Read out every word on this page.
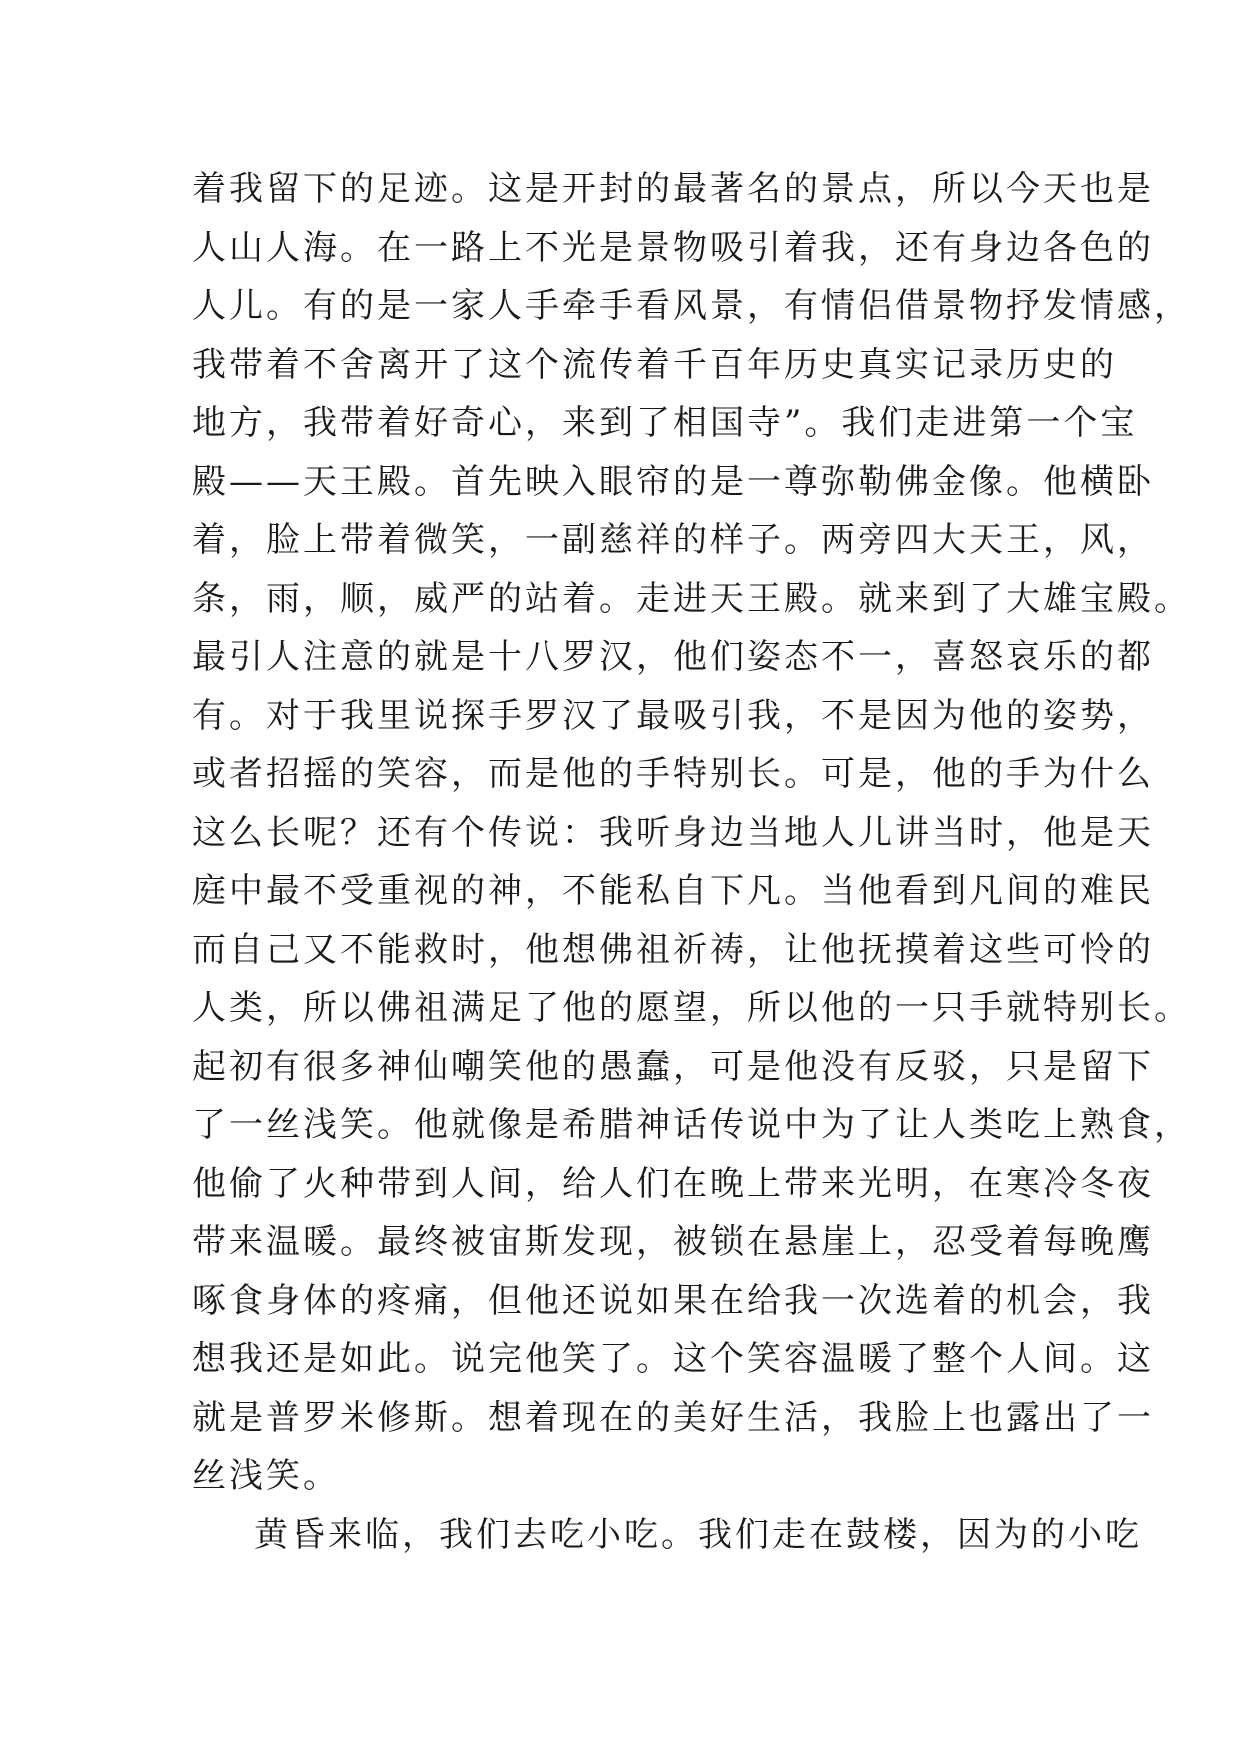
着我留下的足迹。这是开封的最著名的景点，所以今天也是
人山人海。在一路上不光是景物吸引着我，还有身边各色的
人儿。有的是一家人手牵手看风景，有情侣借景物抒发情感，
我带着不舍离开了这个流传着千百年历史真实记录历史的
地方，我带着好奇心，来到了相国寺”。我们走进第一个宝
殿——天王殿。首先映入眼帘的是一尊弥勒佛金像。他横卧
着，脸上带着微笑，一副慈祥的样子。两旁四大天王，风，
条，雨，顺，威严的站着。走进天王殿。就来到了大雄宝殿。
最引人注意的就是十八罗汉，他们姿态不一，喜怒哀乐的都
有。对于我里说探手罗汉了最吸引我，不是因为他的姿势，
或者招摇的笑容，而是他的手特别长。可是，他的手为什么
这么长呢？还有个传说：我听身边当地人儿讲当时，他是天
庭中最不受重视的神，不能私自下凡。当他看到凡间的难民
而自己又不能救时，他想佛祖祈祷，让他抚摸着这些可怜的
人类，所以佛祖满足了他的愿望，所以他的一只手就特别长。
起初有很多神仙嘲笑他的愚蠢，可是他没有反驳，只是留下
了一丝浅笑。他就像是希腊神话传说中为了让人类吃上熟食，
他偷了火种带到人间，给人们在晚上带来光明，在寒冷冬夜
带来温暖。最终被宙斯发现，被锁在悬崖上，忍受着每晚鹰
啄食身体的疼痛，但他还说如果在给我一次选着的机会，我
想我还是如此。说完他笑了。这个笑容温暖了整个人间。这
就是普罗米修斯。想着现在的美好生活，我脸上也露出了一
丝浅笑。
黄昏来临，我们去吃小吃。我们走在鼓楼，因为的小吃
